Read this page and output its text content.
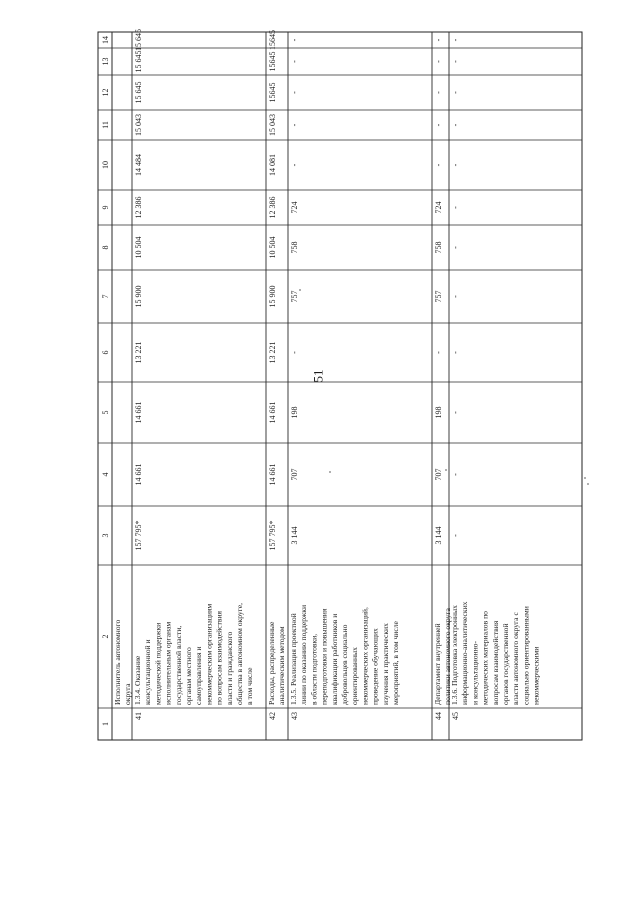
51
1
2
3
4
5
6
7
8
9
10
11
12
13
14
Исполнитель автономного округа
41
1.3.4. Оказание консультационной и методической поддержки исполнительным органам государственной власти, органам местного самоуправления и некоммерческим организациям по вопросам взаимодействия власти и гражданского общества в автономном округе, в том числе
157 795*
14 661
14 661
13 221
15 900
10 504
12 386
14 484
15 043
15 645
15 645
15 645
42
Расходы, распределенные аналитическим методом
157 795*
14 661
14 661
13 221
15 900
10 504
12 386
14 081
15 043
15645
15645
15645
43
1.3.5. Реализация проектной линии по оказанию поддержки в области подготовки, переподготовки и повышения квалификации работников и добровольцев социально ориентированных некоммерческих организаций, проведение обучающих изучения и практических мероприятий, в том числе
3 144
707
198
-
757
758
724
-
-
-
-
-
44
Департамент внутренней политики автономного округа
3 144
707
198
-
757
758
724
-
-
-
-
-
45
1.3.6. Подготовка электронных информационно-аналитических и консультационно- методических материалов по вопросам взаимодействия органов государственной власти автономного округа с социально ориентированными некоммерческими
-
-
-
-
-
-
-
-
-
-
-
-
